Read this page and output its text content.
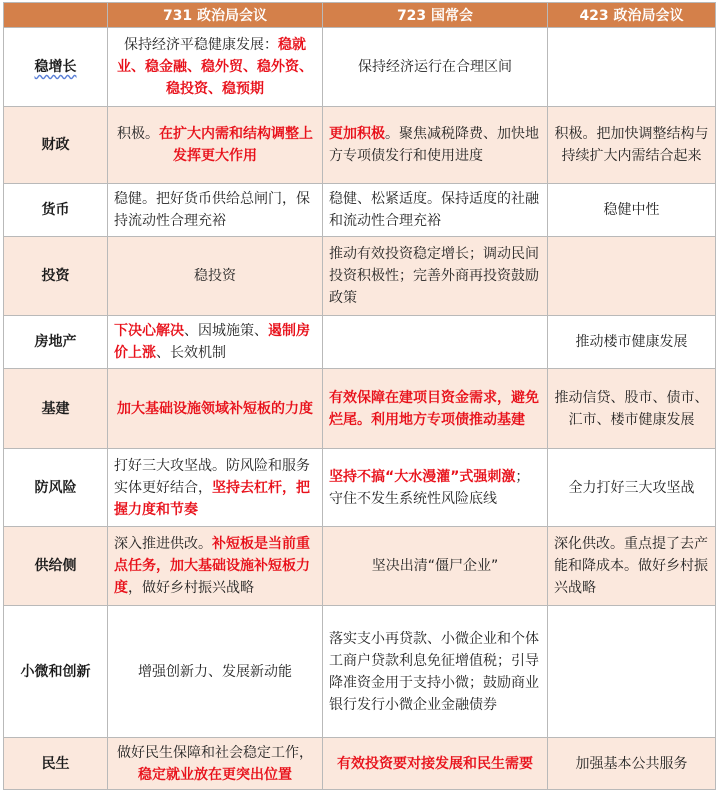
	731 政治局会议	723 国常会	423 政治局会议
稳增长	保持经济平稳健康发展：稳就业、稳金融、稳外贸、稳外资、稳投资、稳预期	保持经济运行在合理区间	
财政	积极。在扩大内需和结构调整上发挥更大作用	更加积极。聚焦减税降费、加快地方专项债发行和使用进度	积极。把加快调整结构与持续扩大内需结合起来
货币	稳健。把好货币供给总闸门，保持流动性合理充裕	稳健、松紧适度。保持适度的社融和流动性合理充裕	稳健中性
投资	稳投资	推动有效投资稳定增长；调动民间投资积极性；完善外商再投资鼓励政策	
房地产	下决心解决、因城施策、遏制房价上涨、长效机制		推动楼市健康发展
基建	加大基础设施领域补短板的力度	有效保障在建项目资金需求，避免烂尾。利用地方专项债推动基建	推动信贷、股市、债市、汇市、楼市健康发展
防风险	打好三大攻坚战。防风险和服务实体更好结合，坚持去杠杆，把握力度和节奏	坚持不搞“大水漫灌”式强刺激；守住不发生系统性风险底线	全力打好三大攻坚战
供给侧	深入推进供改。补短板是当前重点任务，加大基础设施补短板力度，做好乡村振兴战略	坚决出清“僵尸企业”	深化供改。重点提了去产能和降成本。做好乡村振兴战略
小微和创新	增强创新力、发展新动能	落实支小再贷款、小微企业和个体工商户贷款利息免征增值税；引导降准资金用于支持小微；鼓励商业银行发行小微企业金融债券	
民生	做好民生保障和社会稳定工作，稳定就业放在更突出位置	有效投资要对接发展和民生需要	加强基本公共服务
